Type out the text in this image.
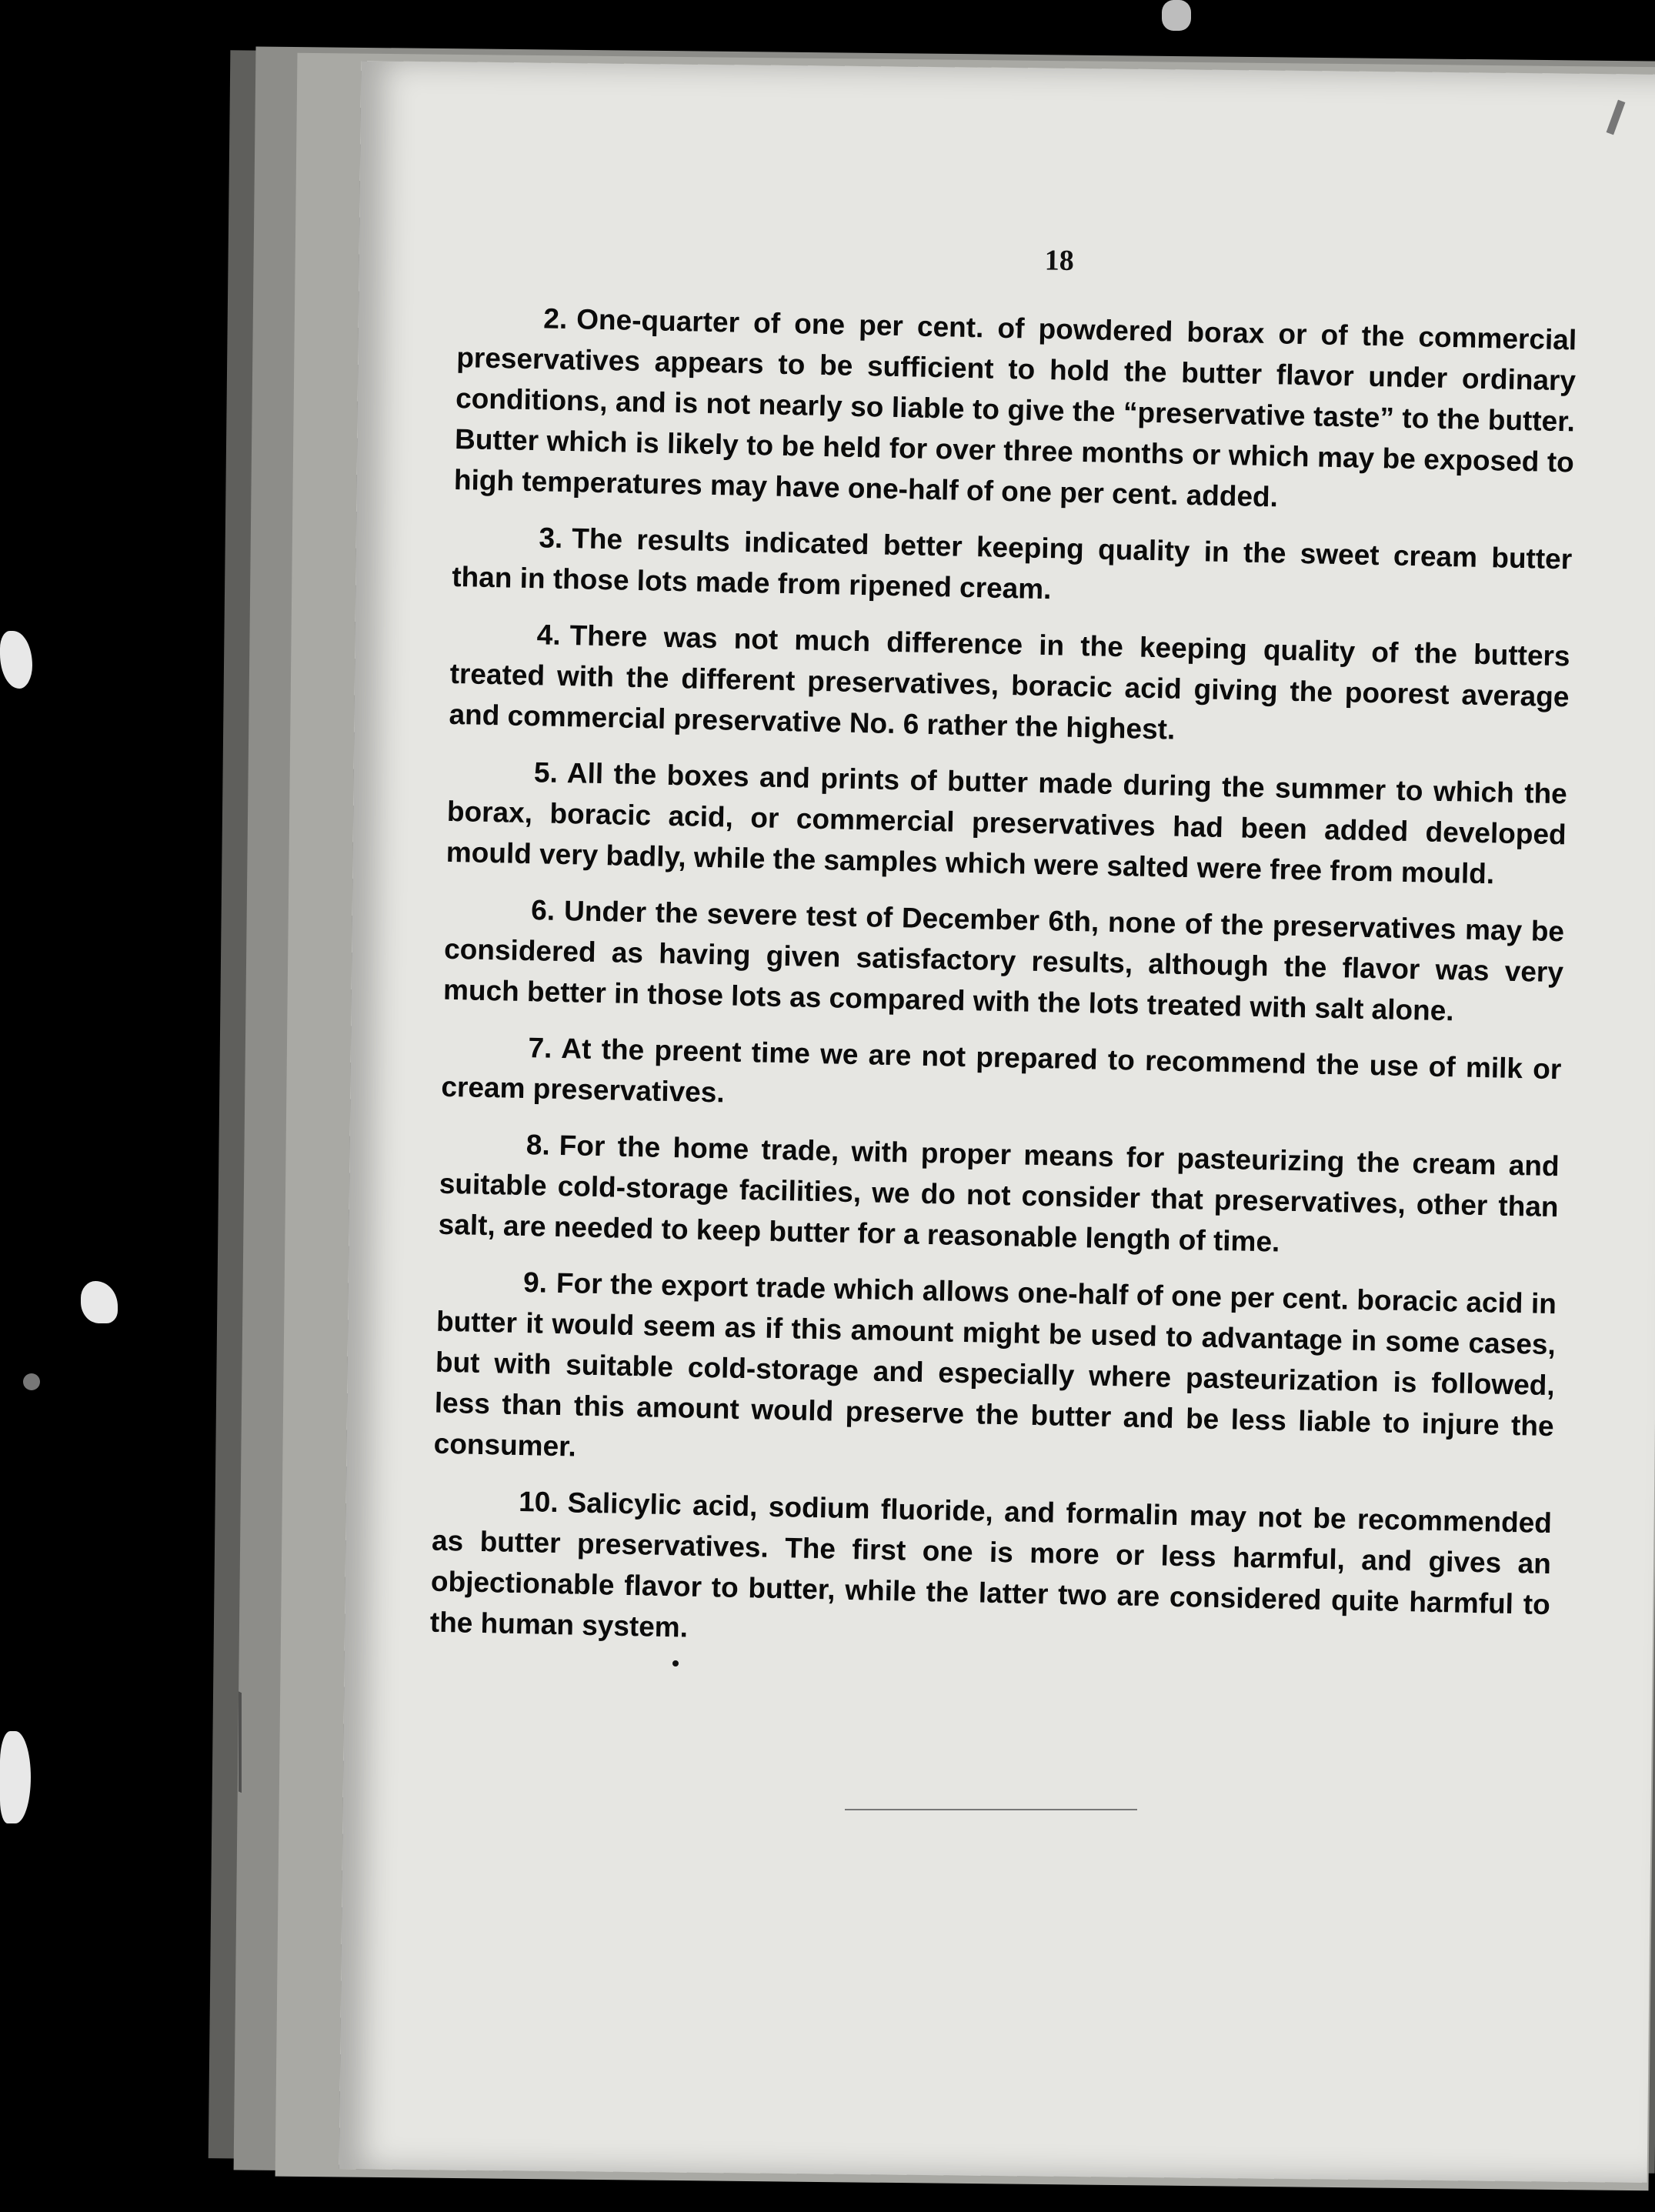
18

2. One-quarter of one per cent. of powdered borax or of the commercial preservatives appears to be sufficient to hold the butter flavor under ordinary conditions, and is not nearly so liable to give the “preservative taste” to the butter. Butter which is likely to be held for over three months or which may be exposed to high temperatures may have one-half of one per cent. added.

3. The results indicated better keeping quality in the sweet cream butter than in those lots made from ripened cream.

4. There was not much difference in the keeping quality of the butters treated with the different preservatives, boracic acid giving the poorest average and commercial preservative No. 6 rather the highest.

5. All the boxes and prints of butter made during the summer to which the borax, boracic acid, or commercial preservatives had been added developed mould very badly, while the samples which were salted were free from mould.

6. Under the severe test of December 6th, none of the preservatives may be considered as having given satisfactory results, although the flavor was very much better in those lots as compared with the lots treated with salt alone.

7. At the preent time we are not prepared to recommend the use of milk or cream preservatives.

8. For the home trade, with proper means for pasteurizing the cream and suitable cold-storage facilities, we do not consider that preservatives, other than salt, are needed to keep butter for a reasonable length of time.

9. For the export trade which allows one-half of one per cent. boracic acid in butter it would seem as if this amount might be used to advantage in some cases, but with suitable cold-storage and especially where pasteurization is followed, less than this amount would preserve the butter and be less liable to injure the consumer.

10. Salicylic acid, sodium fluoride, and formalin may not be recommended as butter preservatives. The first one is more or less harmful, and gives an objectionable flavor to butter, while the latter two are considered quite harmful to the human system.
